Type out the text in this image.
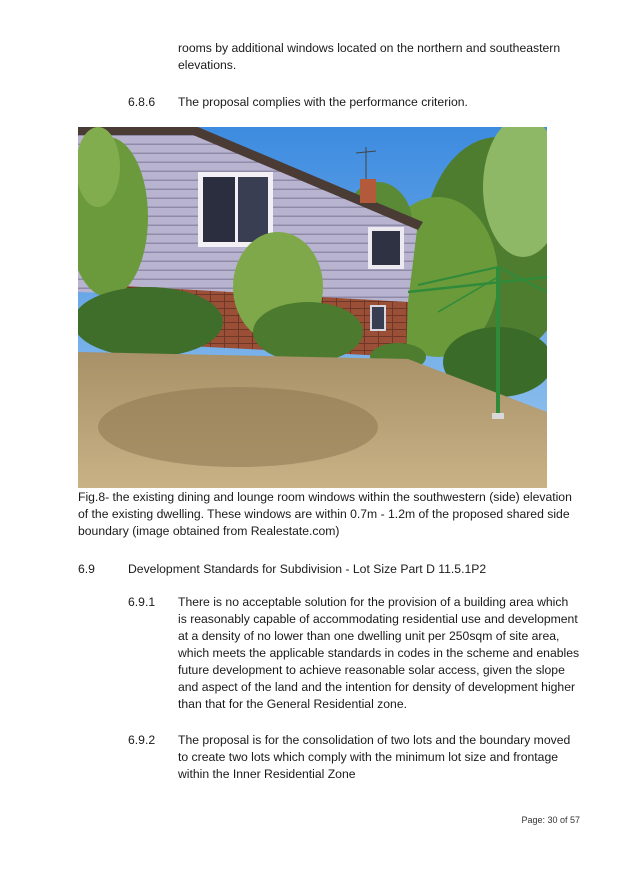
rooms by additional windows located on the northern and southeastern elevations.
6.8.6 The proposal complies with the performance criterion.
Fig.8- the existing dining and lounge room windows within the southwestern (side) elevation of the existing dwelling. These windows are within 0.7m - 1.2m of the proposed shared side boundary (image obtained from Realestate.com)
6.9	Development Standards for Subdivision - Lot Size Part D 11.5.1P2
6.9.1 There is no acceptable solution for the provision of a building area which is reasonably capable of accommodating residential use and development at a density of no lower than one dwelling unit per 250sqm of site area, which meets the applicable standards in codes in the scheme and enables future development to achieve reasonable solar access, given the slope and aspect of the land and the intention for density of development higher than that for the General Residential zone.
6.9.2 The proposal is for the consolidation of two lots and the boundary moved to create two lots which comply with the minimum lot size and frontage within the Inner Residential Zone
Page: 30 of 57
